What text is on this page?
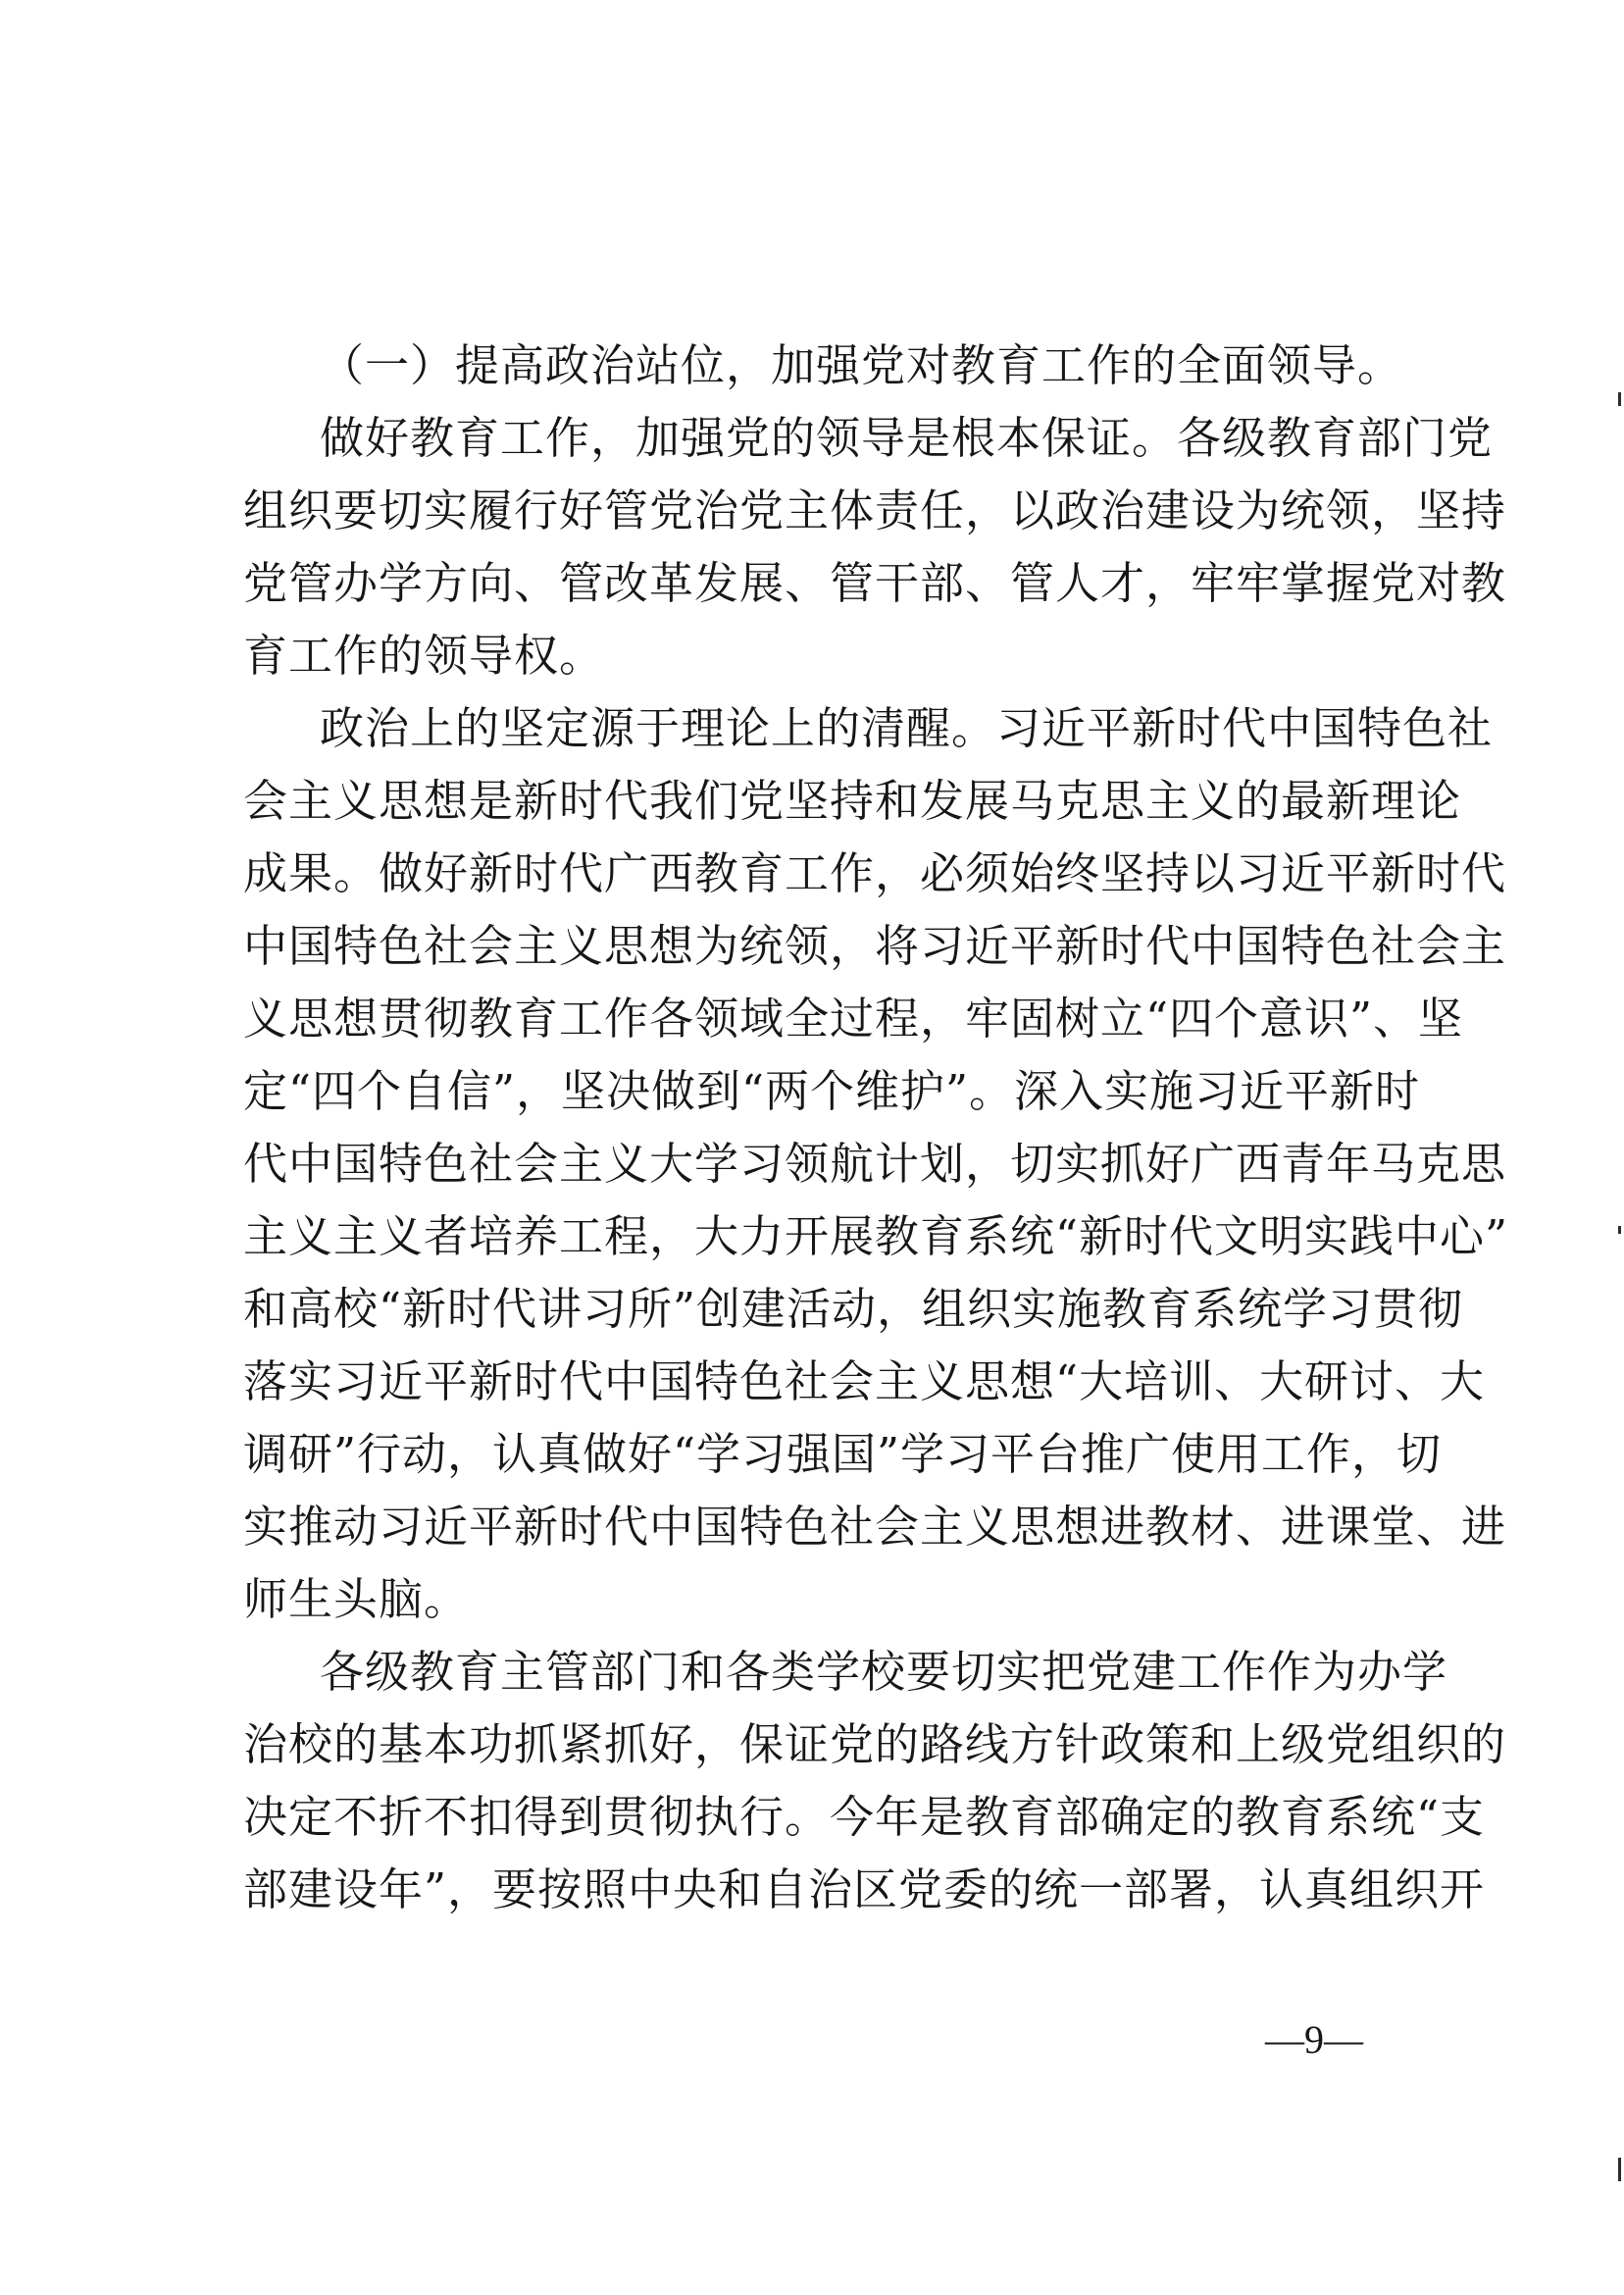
（一）提高政治站位，加强党对教育工作的全面领导。
做好教育工作，加强党的领导是根本保证。各级教育部门党
组织要切实履行好管党治党主体责任，以政治建设为统领，坚持
党管办学方向、管改革发展、管干部、管人才，牢牢掌握党对教
育工作的领导权。
政治上的坚定源于理论上的清醒。习近平新时代中国特色社
会主义思想是新时代我们党坚持和发展马克思主义的最新理论
成果。做好新时代广西教育工作，必须始终坚持以习近平新时代
中国特色社会主义思想为统领，将习近平新时代中国特色社会主
义思想贯彻教育工作各领域全过程，牢固树立“四个意识”、坚
定“四个自信”，坚决做到“两个维护”。深入实施习近平新时
代中国特色社会主义大学习领航计划，切实抓好广西青年马克思
主义主义者培养工程，大力开展教育系统“新时代文明实践中心”
和高校“新时代讲习所”创建活动，组织实施教育系统学习贯彻
落实习近平新时代中国特色社会主义思想“大培训、大研讨、大
调研”行动，认真做好“学习强国”学习平台推广使用工作，切
实推动习近平新时代中国特色社会主义思想进教材、进课堂、进
师生头脑。
各级教育主管部门和各类学校要切实把党建工作作为办学
治校的基本功抓紧抓好，保证党的路线方针政策和上级党组织的
决定不折不扣得到贯彻执行。今年是教育部确定的教育系统“支
部建设年”，要按照中央和自治区党委的统一部署，认真组织开
—9—
